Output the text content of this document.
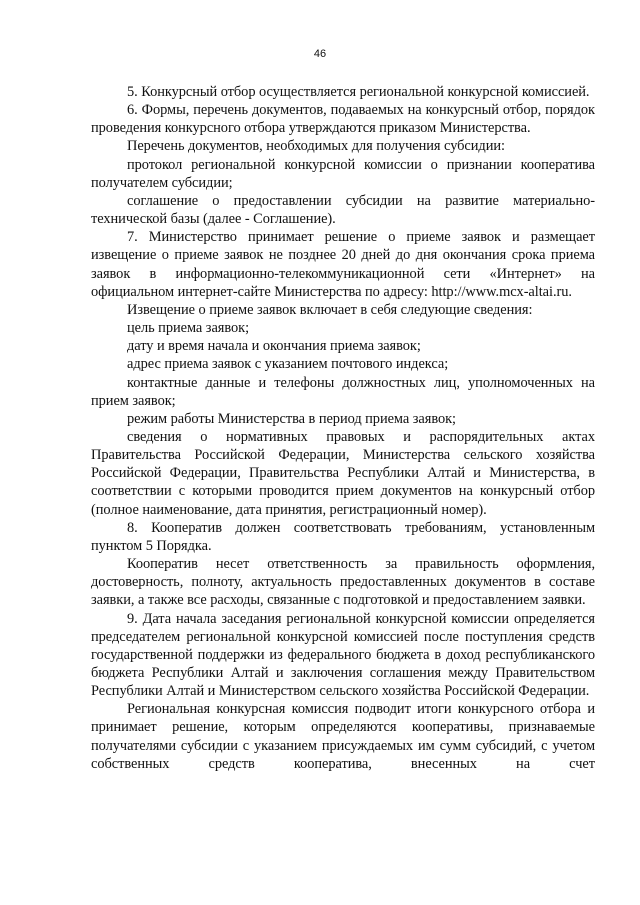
46

5. Конкурсный отбор осуществляется региональной конкурсной комиссией.

6. Формы, перечень документов, подаваемых на конкурсный отбор, порядок проведения конкурсного отбора утверждаются приказом Министерства.

Перечень документов, необходимых для получения субсидии:

протокол региональной конкурсной комиссии о признании кооператива получателем субсидии;

соглашение о предоставлении субсидии на развитие материально-технической базы (далее - Соглашение).

7. Министерство принимает решение о приеме заявок и размещает извещение о приеме заявок не позднее 20 дней до дня окончания срока приема заявок в информационно-телекоммуникационной сети «Интернет» на официальном интернет-сайте Министерства по адресу: http://www.mcx-altai.ru.

Извещение о приеме заявок включает в себя следующие сведения:

цель приема заявок;

дату и время начала и окончания приема заявок;

адрес приема заявок с указанием почтового индекса;

контактные данные и телефоны должностных лиц, уполномоченных на прием заявок;

режим работы Министерства в период приема заявок;

сведения о нормативных правовых и распорядительных актах Правительства Российской Федерации, Министерства сельского хозяйства Российской Федерации, Правительства Республики Алтай и Министерства, в соответствии с которыми проводится прием документов на конкурсный отбор (полное наименование, дата принятия, регистрационный номер).

8. Кооператив должен соответствовать требованиям, установленным пунктом 5 Порядка.

Кооператив несет ответственность за правильность оформления, достоверность, полноту, актуальность предоставленных документов в составе заявки, а также все расходы, связанные с подготовкой и предоставлением заявки.

9. Дата начала заседания региональной конкурсной комиссии определяется председателем региональной конкурсной комиссией после поступления средств государственной поддержки из федерального бюджета в доход республиканского бюджета Республики Алтай и заключения соглашения между Правительством Республики Алтай и Министерством сельского хозяйства Российской Федерации.

Региональная конкурсная комиссия подводит итоги конкурсного отбора и принимает решение, которым определяются кооперативы, признаваемые получателями субсидии с указанием присуждаемых им сумм субсидий, с учетом собственных средств кооператива, внесенных на счет
